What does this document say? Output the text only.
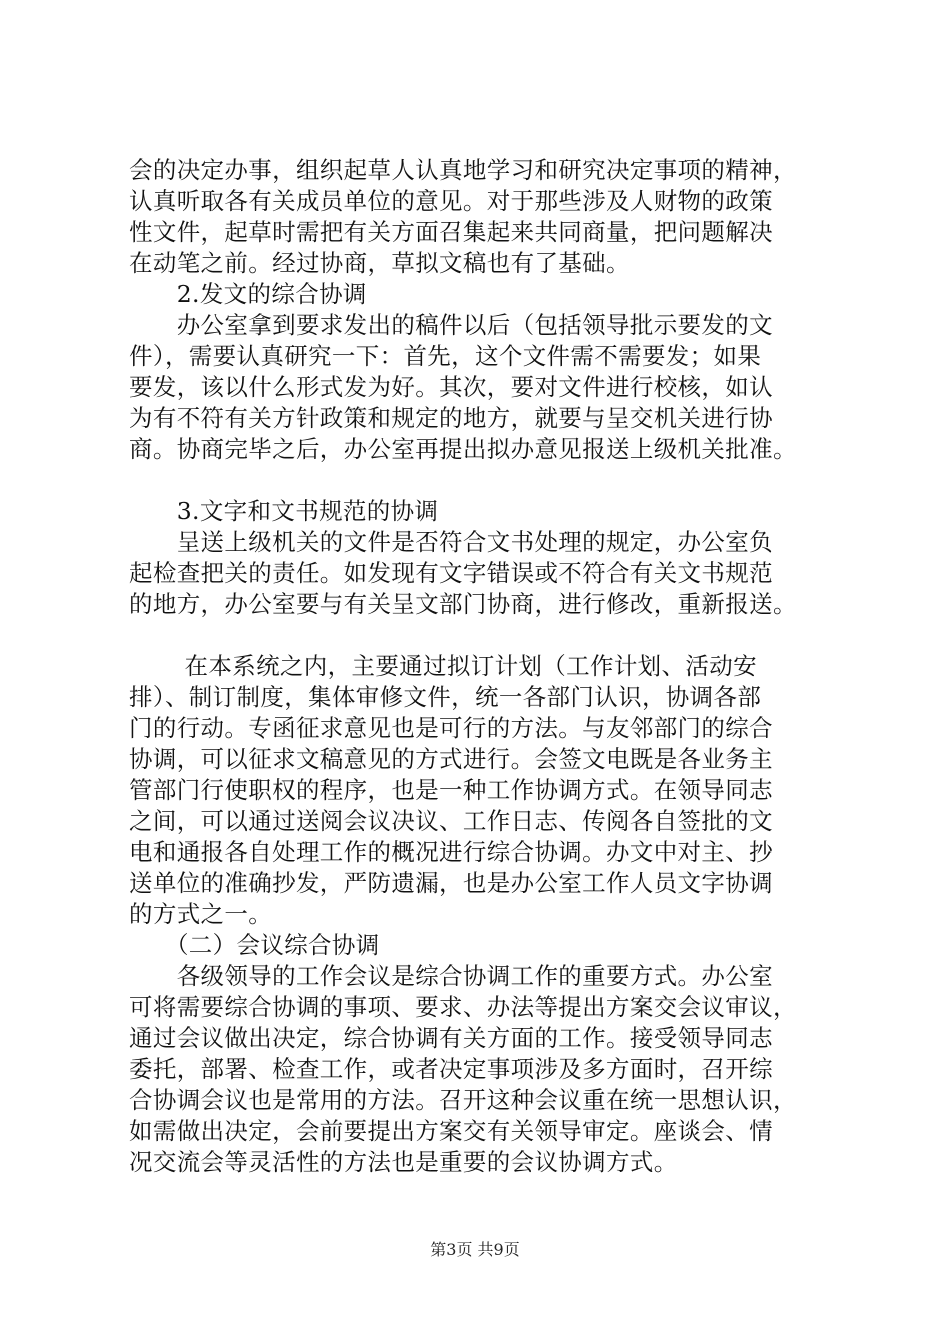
会的决定办事，组织起草人认真地学习和研究决定事项的精神，
认真听取各有关成员单位的意见。对于那些涉及人财物的政策
性文件，起草时需把有关方面召集起来共同商量，把问题解决
在动笔之前。经过协商，草拟文稿也有了基础。
　　2.发文的综合协调
　　办公室拿到要求发出的稿件以后（包括领导批示要发的文
件），需要认真研究一下：首先，这个文件需不需要发；如果
要发，该以什么形式发为好。其次，要对文件进行校核，如认
为有不符有关方针政策和规定的地方，就要与呈交机关进行协
商。协商完毕之后，办公室再提出拟办意见报送上级机关批准。
　　3.文字和文书规范的协调
　　呈送上级机关的文件是否符合文书处理的规定，办公室负
起检查把关的责任。如发现有文字错误或不符合有关文书规范
的地方，办公室要与有关呈文部门协商，进行修改，重新报送。
　　 在本系统之内，主要通过拟订计划（工作计划、活动安
排）、制订制度，集体审修文件，统一各部门认识，协调各部
门的行动。专函征求意见也是可行的方法。与友邻部门的综合
协调，可以征求文稿意见的方式进行。会签文电既是各业务主
管部门行使职权的程序，也是一种工作协调方式。在领导同志
之间，可以通过送阅会议决议、工作日志、传阅各自签批的文
电和通报各自处理工作的概况进行综合协调。办文中对主、抄
送单位的准确抄发，严防遗漏，也是办公室工作人员文字协调
的方式之一。
　　（二）会议综合协调
　　各级领导的工作会议是综合协调工作的重要方式。办公室
可将需要综合协调的事项、要求、办法等提出方案交会议审议，
通过会议做出决定，综合协调有关方面的工作。接受领导同志
委托，部署、检查工作，或者决定事项涉及多方面时，召开综
合协调会议也是常用的方法。召开这种会议重在统一思想认识，
如需做出决定，会前要提出方案交有关领导审定。座谈会、情
况交流会等灵活性的方法也是重要的会议协调方式。
第3页 共9页
